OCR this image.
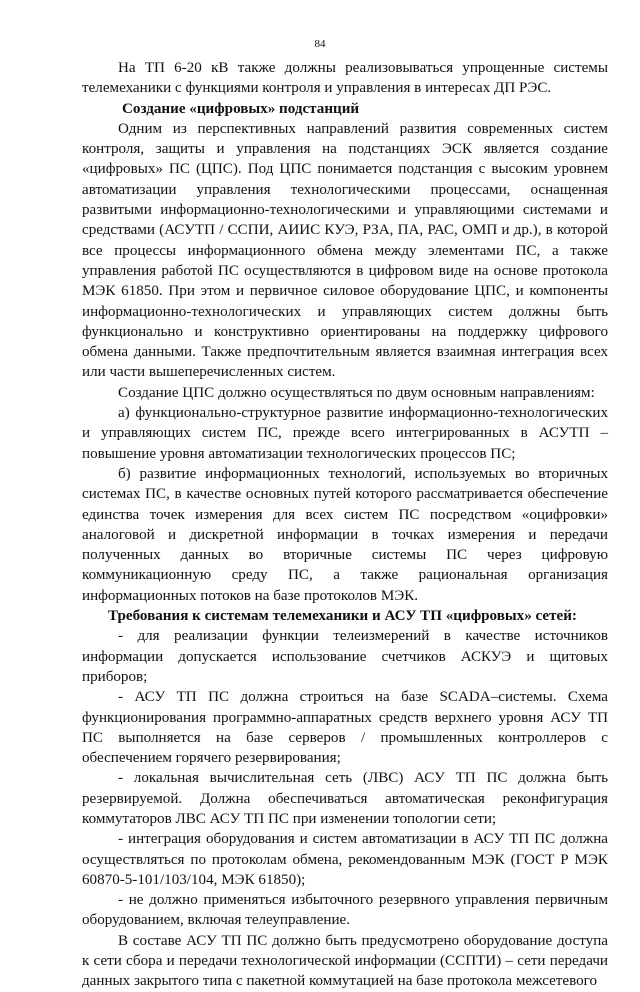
84

На ТП 6-20 кВ также должны реализовываться упрощенные системы телемеханики с функциями контроля и управления в интересах ДП РЭС.

Создание «цифровых» подстанций

Одним из перспективных направлений развития современных систем контроля, защиты и управления на подстанциях ЭСК является создание «цифровых» ПС (ЦПС). Под ЦПС понимается подстанция с высоким уровнем автоматизации управления технологическими процессами, оснащенная развитыми информационно-технологическими и управляющими системами и средствами (АСУТП / ССПИ, АИИС КУЭ, РЗА, ПА, РАС, ОМП и др.), в которой все процессы информационного обмена между элементами ПС, а также управления работой ПС осуществляются в цифровом виде на основе протокола МЭК 61850. При этом и первичное силовое оборудование ЦПС, и компоненты информационно-технологических и управляющих систем должны быть функционально и конструктивно ориентированы на поддержку цифрового обмена данными. Также предпочтительным является взаимная интеграция всех или части вышеперечисленных систем.

Создание ЦПС должно осуществляться по двум основным направлениям:

а) функционально-структурное развитие информационно-технологических и управляющих систем ПС, прежде всего интегрированных в АСУТП – повышение уровня автоматизации технологических процессов ПС;

б) развитие информационных технологий, используемых во вторичных системах ПС, в качестве основных путей которого рассматривается обеспечение единства точек измерения для всех систем ПС посредством «оцифровки» аналоговой и дискретной информации в точках измерения и передачи полученных данных во вторичные системы ПС через цифровую коммуникационную среду ПС, а также рациональная организация информационных потоков на базе протоколов МЭК.

Требования к системам телемеханики и АСУ ТП «цифровых» сетей:

- для реализации функции телеизмерений в качестве источников информации допускается использование счетчиков АСКУЭ и щитовых приборов;

- АСУ ТП ПС должна строиться на базе SCADA–системы. Схема функционирования программно-аппаратных средств верхнего уровня АСУ ТП ПС выполняется на базе серверов / промышленных контроллеров с обеспечением горячего резервирования;

- локальная вычислительная сеть (ЛВС) АСУ ТП ПС должна быть резервируемой. Должна обеспечиваться автоматическая реконфигурация коммутаторов ЛВС АСУ ТП ПС при изменении топологии сети;

- интеграция оборудования и систем автоматизации в АСУ ТП ПС должна осуществляться по протоколам обмена, рекомендованным МЭК (ГОСТ Р МЭК 60870-5-101/103/104, МЭК 61850);

- не должно применяться избыточного резервного управления первичным оборудованием, включая телеуправление.

В составе АСУ ТП ПС должно быть предусмотрено оборудование доступа к сети сбора и передачи технологической информации (ССПТИ) – сети передачи данных закрытого типа с пакетной коммутацией на базе протокола межсетевого
